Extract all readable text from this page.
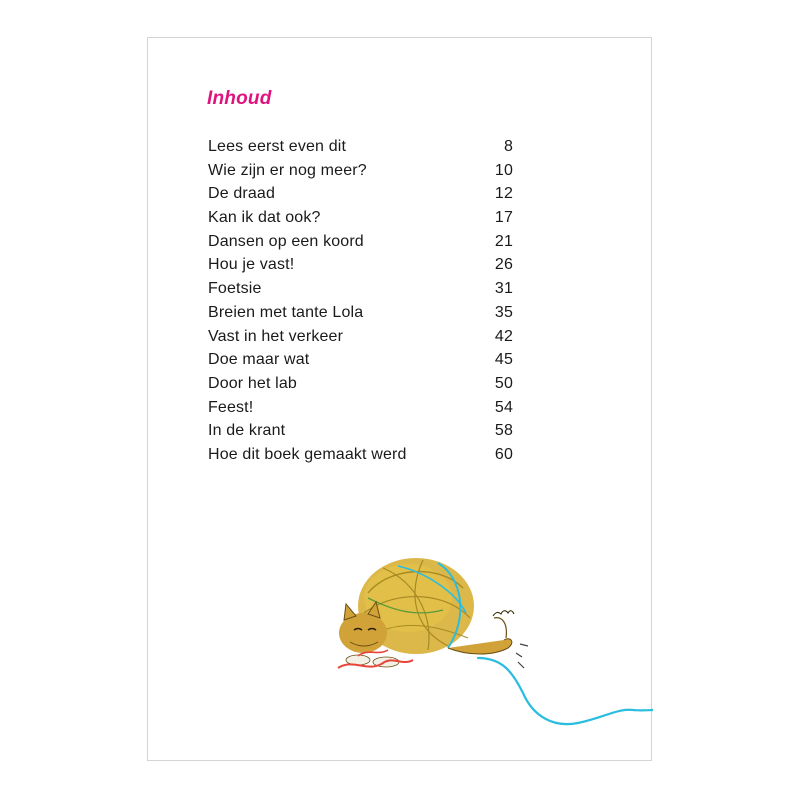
Inhoud
Lees eerst even dit	8
Wie zijn er nog meer?	10
De draad	12
Kan ik dat ook?	17
Dansen op een koord	21
Hou je vast!	26
Foetsie	31
Breien met tante Lola	35
Vast in het verkeer	42
Doe maar wat	45
Door het lab	50
Feest!	54
In de krant	58
Hoe dit boek gemaakt werd	60
